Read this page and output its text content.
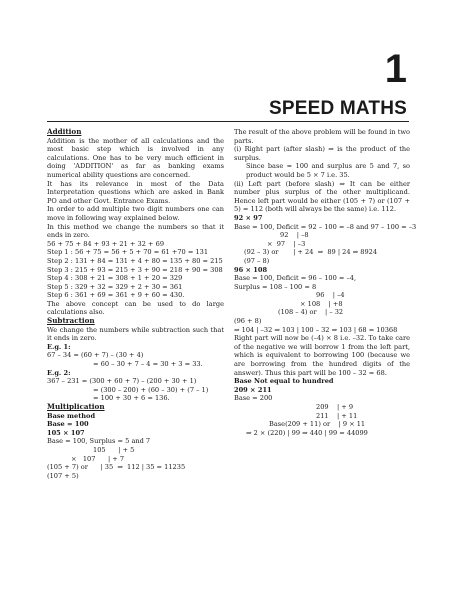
1
SPEED MATHS
Addition
Addition is the mother of all calculations and the most basic step which is involved in any calculations. One has to be very much efficient in doing 'ADDITION' as far as banking exams numerical ability questions are concerned.
It has its relevance in most of the Data Interpretation questions which are asked in Bank PO and other Govt. Entrance Exams.
In order to add multiple two digit numbers one can move in following way explained below.
In this method we change the numbers so that it ends in zero.
56 + 75 + 84 + 93 + 21 + 32 + 69
Step 1 : 56 + 75 = 56 + 5 + 70 = 61 +70 = 131
Step 2 : 131 + 84 = 131 + 4 + 80 = 135 + 80 = 215
Step 3 : 215 + 93 = 215 + 3 + 90 = 218 + 90 = 308
Step 4 : 308 + 21 = 308 + 1 + 20 = 329
Step 5 : 329 + 32 = 329 + 2 + 30 = 361
Step 6 : 361 + 69 = 361 + 9 + 60 = 430.
The above concept can be used to do large calculations also.
Subtraction
We change the numbers while subtraction such that it ends in zero.
E.g. 1:
67 – 34 = (60 + 7) – (30 + 4)
= 60 – 30 + 7 – 4 = 30 + 3 = 33.
E.g. 2:
367 – 231 = (300 + 60 + 7) – (200 + 30 + 1)
= (300 – 200) + (60 – 30) + (7 – 1)
= 100 + 30 + 6 = 136.
Multiplication
Base method
Base = 100
105 × 107
Base = 100, Surplus = 5 and 7
105      | + 5
×   107      | + 7
(105 + 7) or      | 35  ⇒  112 | 35 = 11235
(107 + 5)
The result of the above problem will be found in two parts.
(i) Right part (after slash) ⇒ is the product of the surplus.
Since base = 100 and surplus are 5 and 7, so product would be 5 × 7 i.e. 35.
(ii) Left part (before slash) ⇒ It can be either number plus surplus of the other multiplicand. Hence left part would be either (105 + 7) or (107 + 5) = 112 (both will always be the same) i.e. 112.
92 × 97
Base = 100, Deficit = 92 – 100 = –8 and 97 – 100 = –3
92    | –8
×  97    | –3
(92 – 3) or       | + 24  ⇒  89 | 24 ⇒ 8924
(97 – 8)
96 × 108
Base = 100, Deficit = 96 – 100 = –4,
Surplus = 108 – 100 = 8
96    | –4
× 108    | +8
(108 – 4) or    | – 32
(96 + 8)
⇒ 104 | –32 ⇒ 103 | 100 – 32 ⇒ 103 | 68 = 10368
Right part will now be (–4) × 8 i.e. –32. To take care of the negative we will borrow 1 from the left part, which is equivalent to borrowing 100 (because we are borrowing from the hundred digits of the answer). Thus this part will be 100 – 32 = 68.
Base Not equal to hundred
209 × 211
Base = 200
209    | + 9
211    | + 11
Base(209 + 11) or    | 9 × 11
⇒ 2 × (220) | 99 ⇒ 440 | 99 = 44099
